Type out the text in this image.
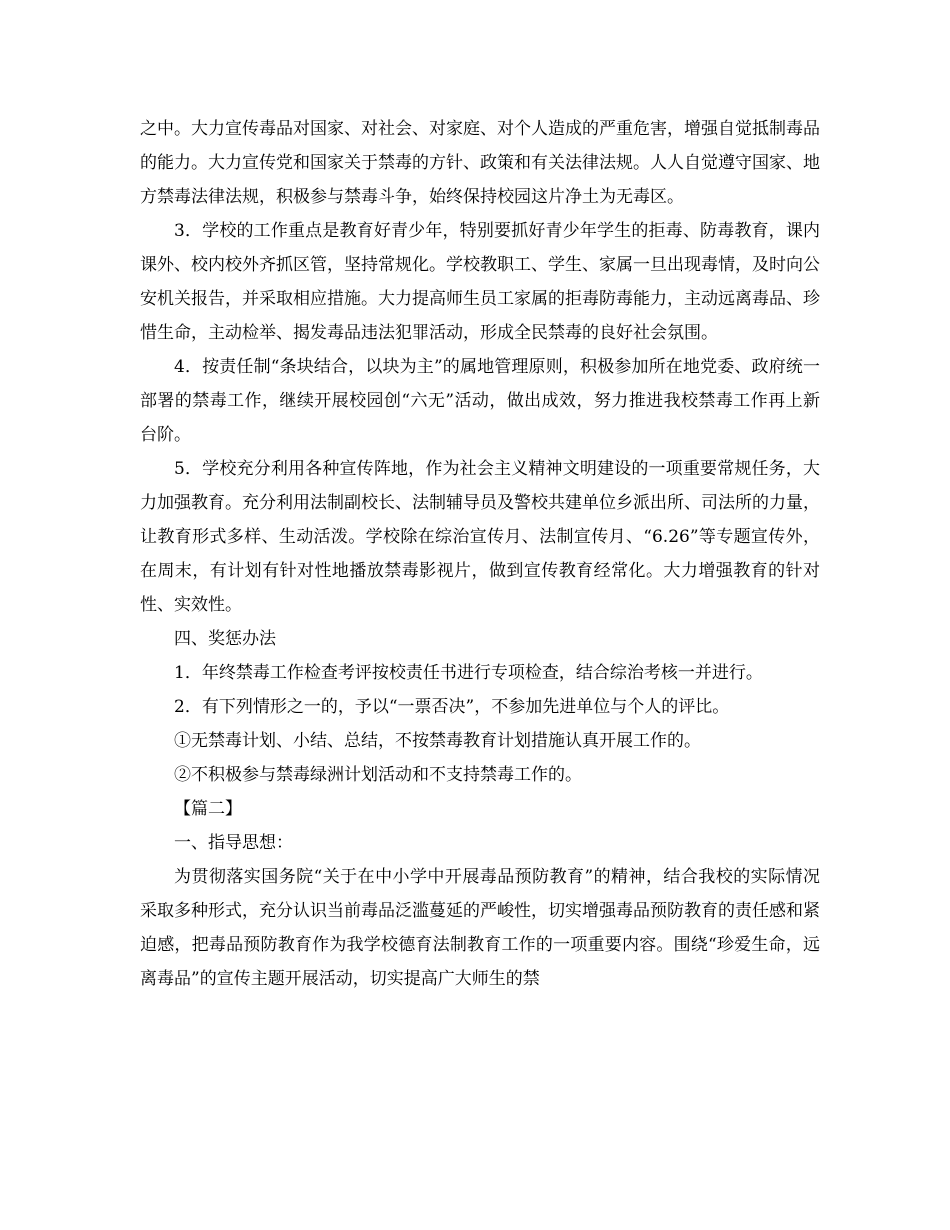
之中。大力宣传毒品对国家、对社会、对家庭、对个人造成的严重危害，增强自觉抵制毒品的能力。大力宣传党和国家关于禁毒的方针、政策和有关法律法规。人人自觉遵守国家、地方禁毒法律法规，积极参与禁毒斗争，始终保持校园这片净土为无毒区。

3．学校的工作重点是教育好青少年，特别要抓好青少年学生的拒毒、防毒教育，课内课外、校内校外齐抓区管，坚持常规化。学校教职工、学生、家属一旦出现毒情，及时向公安机关报告，并采取相应措施。大力提高师生员工家属的拒毒防毒能力，主动远离毒品、珍惜生命，主动检举、揭发毒品违法犯罪活动，形成全民禁毒的良好社会氛围。

4．按责任制“条块结合，以块为主”的属地管理原则，积极参加所在地党委、政府统一部署的禁毒工作，继续开展校园创“六无”活动，做出成效，努力推进我校禁毒工作再上新台阶。

5．学校充分利用各种宣传阵地，作为社会主义精神文明建设的一项重要常规任务，大力加强教育。充分利用法制副校长、法制辅导员及警校共建单位乡派出所、司法所的力量，让教育形式多样、生动活泼。学校除在综治宣传月、法制宣传月、“6.26”等专题宣传外，在周末，有计划有针对性地播放禁毒影视片，做到宣传教育经常化。大力增强教育的针对性、实效性。

四、奖惩办法

1．年终禁毒工作检查考评按校责任书进行专项检查，结合综治考核一并进行。

2．有下列情形之一的，予以“一票否决”，不参加先进单位与个人的评比。

①无禁毒计划、小结、总结，不按禁毒教育计划措施认真开展工作的。

②不积极参与禁毒绿洲计划活动和不支持禁毒工作的。

【篇二】

一、指导思想：

为贯彻落实国务院“关于在中小学中开展毒品预防教育”的精神，结合我校的实际情况采取多种形式，充分认识当前毒品泛滥蔓延的严峻性，切实增强毒品预防教育的责任感和紧迫感，把毒品预防教育作为我学校德育法制教育工作的一项重要内容。围绕“珍爱生命，远离毒品”的宣传主题开展活动，切实提高广大师生的禁
